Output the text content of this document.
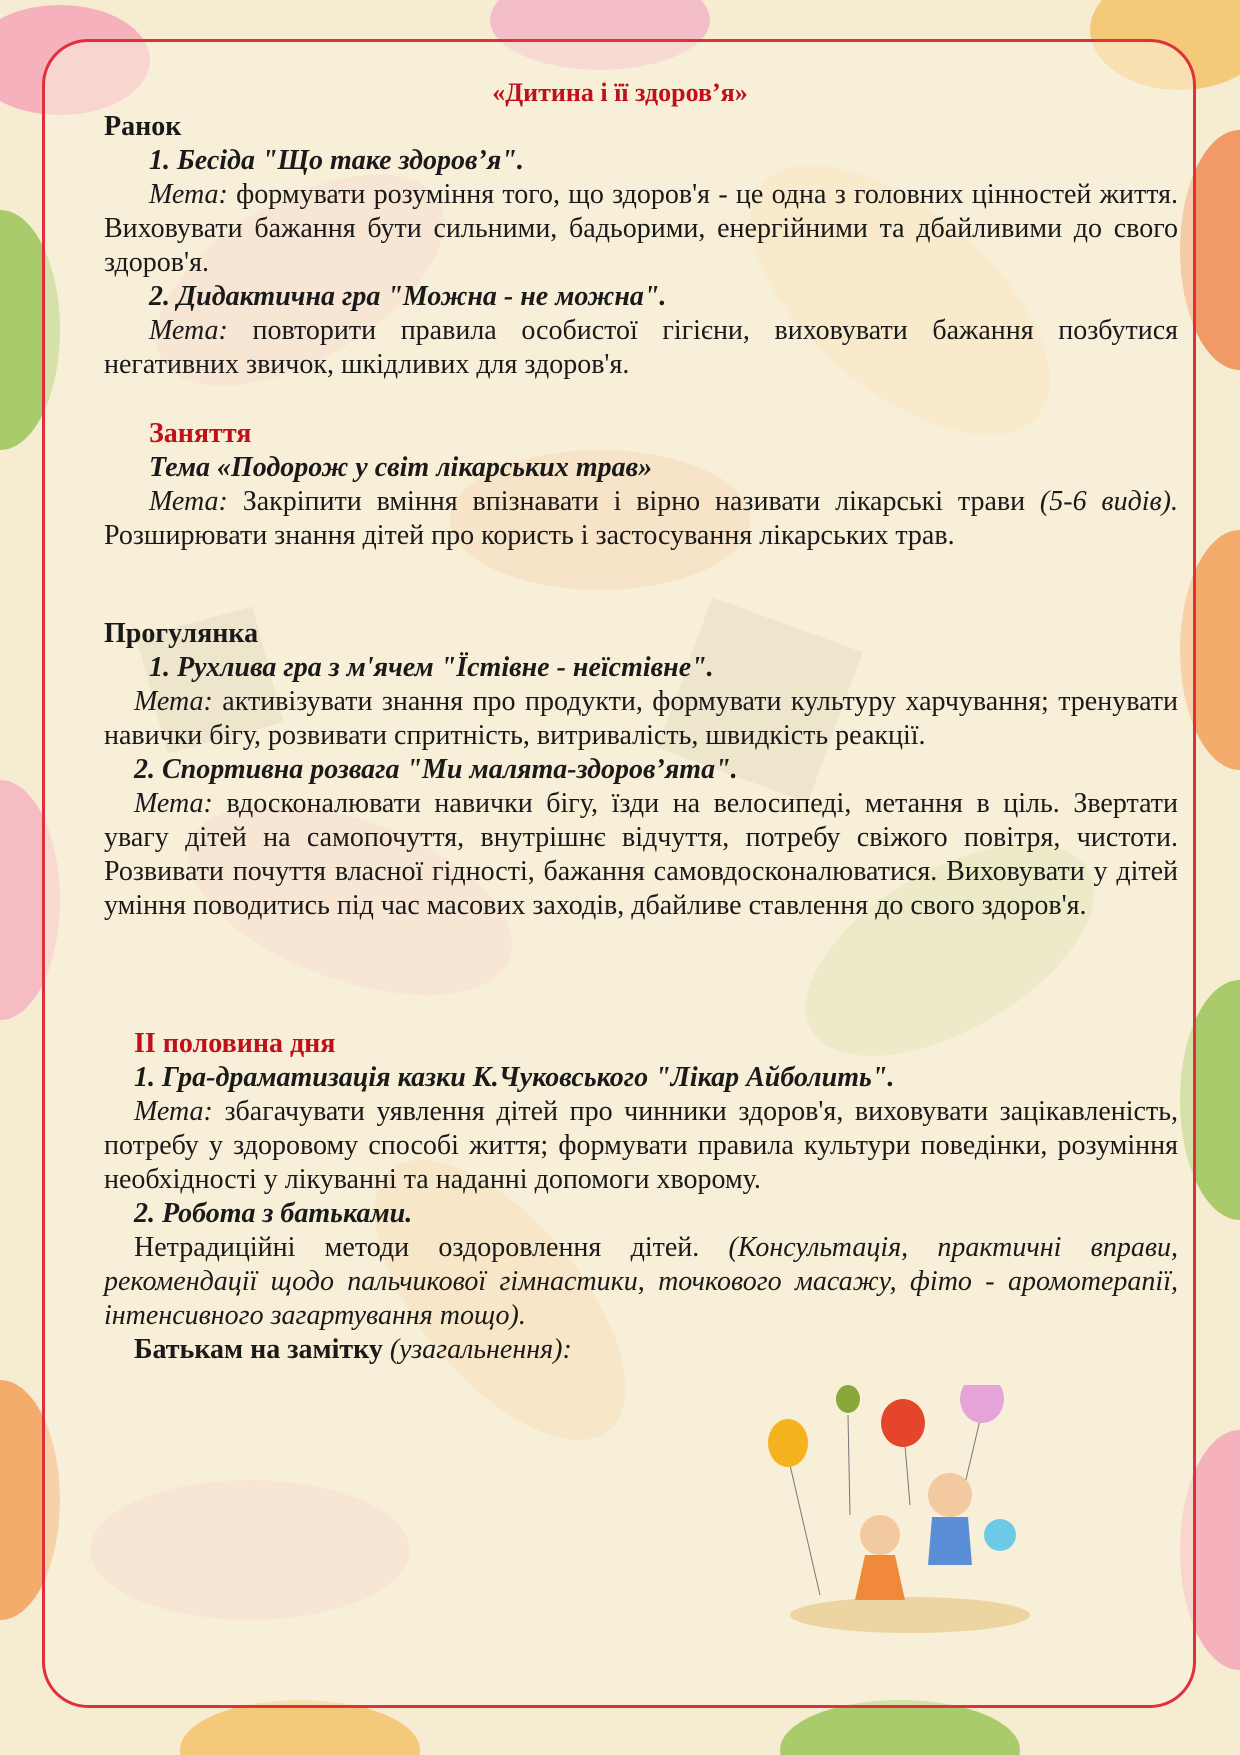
«Дитина і її здоров’я»
Ранок

1. Бесіда "Що таке здоров’я".

Мета: формувати розуміння того, що здоров'я - це одна з головних цінностей життя. Виховувати бажання бути сильними, бадьорими, енергійними та дбайливими до свого здоров'я.

2. Дидактична гра "Можна - не можна".

Мета: повторити правила особистої гігієни, виховувати бажання позбутися негативних звичок, шкідливих для здоров'я.

Заняття

Тема «Подорож у світ лікарських трав»

Мета: Закріпити вміння впізнавати і вірно називати лікарські трави (5-6 видів). Розширювати знання дітей про користь і застосування лікарських трав.

Прогулянка

1. Рухлива гра з м'ячем "Їстівне - неїстівне".

Мета: активізувати знання про продукти, формувати культуру харчування; тренувати навички бігу, розвивати спритність, витривалість, швидкість реакції.

2. Спортивна розвага "Ми малята-здоров’ята".

Мета: вдосконалювати навички бігу, їзди на велосипеді, метання в ціль. Звертати увагу дітей на самопочуття, внутрішнє відчуття, потребу свіжого повітря, чистоти. Розвивати почуття власної гідності, бажання самовдосконалюватися. Виховувати у дітей уміння поводитись під час масових заходів, дбайливе ставлення до свого здоров'я.

II половина дня

1. Гра-драматизація казки К.Чуковського "Лікар Айболить".

Мета: збагачувати уявлення дітей про чинники здоров'я, виховувати зацікавленість, потребу у здоровому способі життя; формувати правила культури поведінки, розуміння необхідності у лікуванні та наданні допомоги хворому.

2. Робота з батьками.

Нетрадиційні методи оздоровлення дітей. (Консультація, практичні вправи, рекомендації щодо пальчикової гімнастики, точкового масажу, фіто - аромотерапії, інтенсивного загартування тощо).

Батькам на замітку (узагальнення):
